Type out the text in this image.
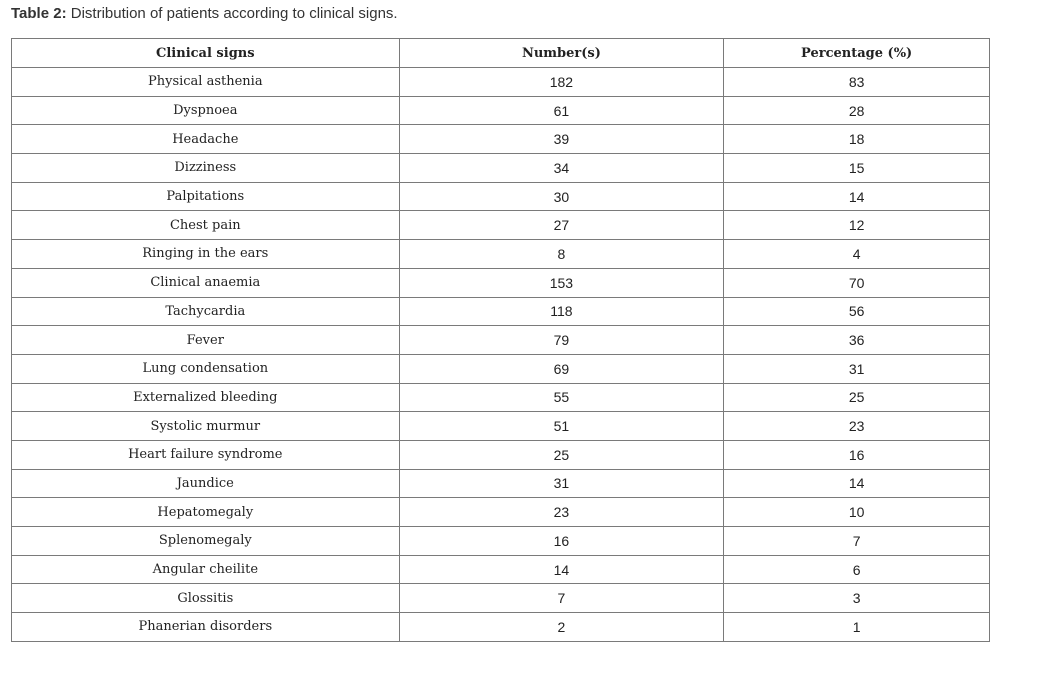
Table 2: Distribution of patients according to clinical signs.
Clinical signs	Number(s)	Percentage (%)
Physical asthenia	182	83
Dyspnoea	61	28
Headache	39	18
Dizziness	34	15
Palpitations	30	14
Chest pain	27	12
Ringing in the ears	8	4
Clinical anaemia	153	70
Tachycardia	118	56
Fever	79	36
Lung condensation	69	31
Externalized bleeding	55	25
Systolic murmur	51	23
Heart failure syndrome	25	16
Jaundice	31	14
Hepatomegaly	23	10
Splenomegaly	16	7
Angular cheilite	14	6
Glossitis	7	3
Phanerian disorders	2	1
